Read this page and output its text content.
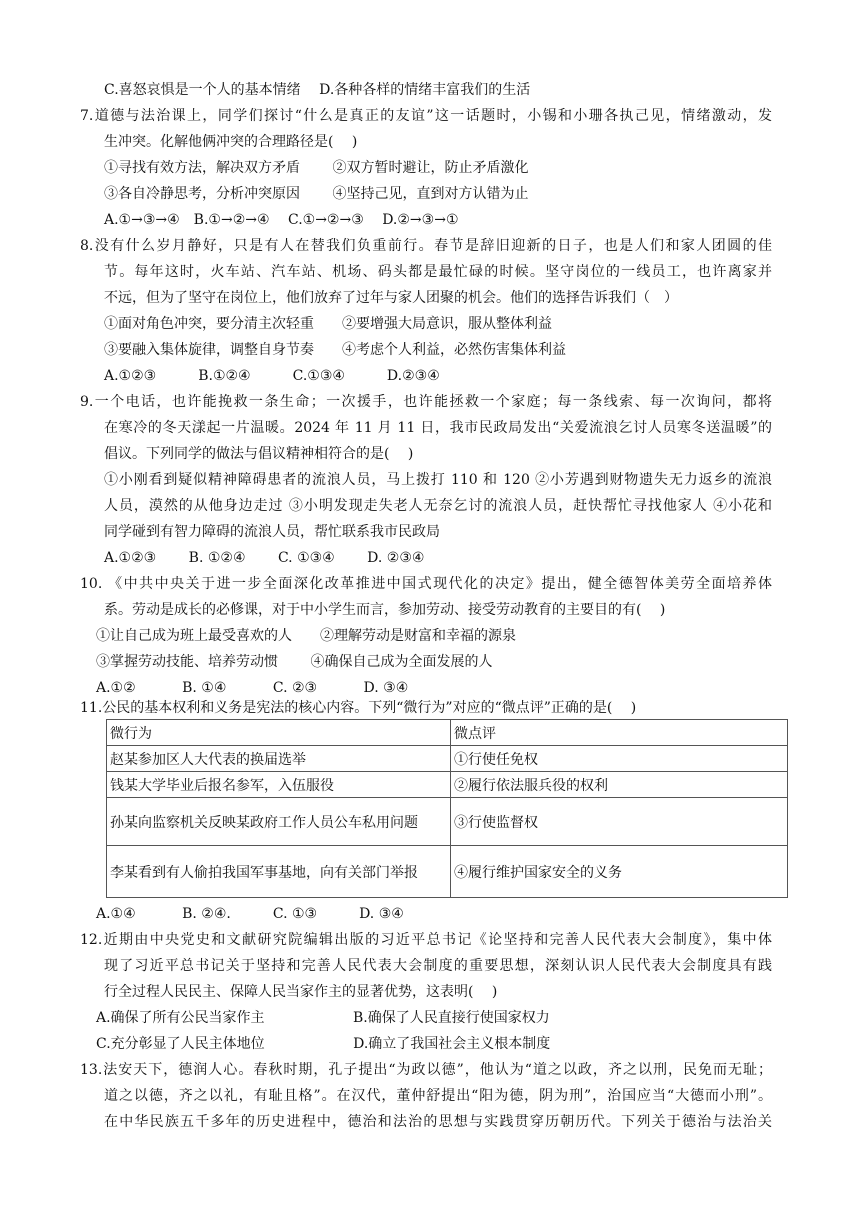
C.喜怒哀惧是一个人的基本情绪　 D.各种各样的情绪丰富我们的生活
7.道德与法治课上，同学们探讨“什么是真正的友谊”这一话题时，小锡和小珊各执己见，情绪激动，发
生冲突。化解他俩冲突的合理路径是(　 )
①寻找有效方法，解决双方矛盾　　 ②双方暂时避让，防止矛盾激化
③各自冷静思考，分析冲突原因　　 ④坚持己见，直到对方认错为止
A.①→③→④　B.①→②→④　 C.①→②→③　 D.②→③→①
8.没有什么岁月静好，只是有人在替我们负重前行。春节是辞旧迎新的日子，也是人们和家人团圆的佳
节。每年这时，火车站、汽车站、机场、码头都是最忙碌的时候。坚守岗位的一线员工，也许离家并
不远，但为了坚守在岗位上，他们放弃了过年与家人团聚的机会。他们的选择告诉我们（　）
①面对角色冲突，要分清主次轻重　　②要增强大局意识，服从整体利益
③要融入集体旋律，调整自身节奏　　④考虑个人利益，必然伤害集体利益
A.①②③　　　B.①②④　　　C.①③④　　　D.②③④
9.一个电话，也许能挽救一条生命；一次援手，也许能拯救一个家庭；每一条线索、每一次询问，都将
在寒冷的冬天漾起一片温暖。2024 年 11 月 11 日，我市民政局发出“关爱流浪乞讨人员寒冬送温暖”的
倡议。下列同学的做法与倡议精神相符合的是(　 )
①小刚看到疑似精神障碍患者的流浪人员，马上拨打 110 和 120 ②小芳遇到财物遗失无力返乡的流浪
人员，漠然的从他身边走过 ③小明发现走失老人无奈乞讨的流浪人员，赶快帮忙寻找他家人 ④小花和
同学碰到有智力障碍的流浪人员，帮忙联系我市民政局
A.①②③　　 B. ①②④　　 C. ①③④　　 D. ②③④
10. 《中共中央关于进一步全面深化改革推进中国式现代化的决定》提出，健全德智体美劳全面培养体
系。劳动是成长的必修课，对于中小学生而言，参加劳动、接受劳动教育的主要目的有(　 )
①让自己成为班上最受喜欢的人　　②理解劳动是财富和幸福的源泉
③掌握劳动技能、培养劳动惯　　 ④确保自己成为全面发展的人
A.①②　　　 B. ①④　　　 C. ②③　　　 D. ③④
11.公民的基本权利和义务是宪法的核心内容。下列“微行为”对应的“微点评”正确的是(　 )
微行为	微点评
赵某参加区人大代表的换届选举	①行使任免权
钱某大学毕业后报名参军，入伍服役	②履行依法服兵役的权利
孙某向监察机关反映某政府工作人员公车私用问题	③行使监督权
李某看到有人偷拍我国军事基地，向有关部门举报	④履行维护国家安全的义务
A.①④　　　 B. ②④.　　　C. ①③　　　D. ③④
12.近期由中央党史和文献研究院编辑出版的习近平总书记《论坚持和完善人民代表大会制度》，集中体
现了习近平总书记关于坚持和完善人民代表大会制度的重要思想，深刻认识人民代表大会制度具有践
行全过程人民民主、保障人民当家作主的显著优势，这表明(　 )
A.确保了所有公民当家作主　　　　　　 B.确保了人民直接行使国家权力
C.充分彰显了人民主体地位　　　　　　 D.确立了我国社会主义根本制度
13.法安天下，德润人心。春秋时期，孔子提出“为政以德”，他认为“道之以政，齐之以刑，民免而无耻；
道之以德，齐之以礼，有耻且格”。在汉代，董仲舒提出“阳为德，阴为刑”，治国应当“大德而小刑”。
在中华民族五千多年的历史进程中，德治和法治的思想与实践贯穿历朝历代。下列关于德治与法治关
